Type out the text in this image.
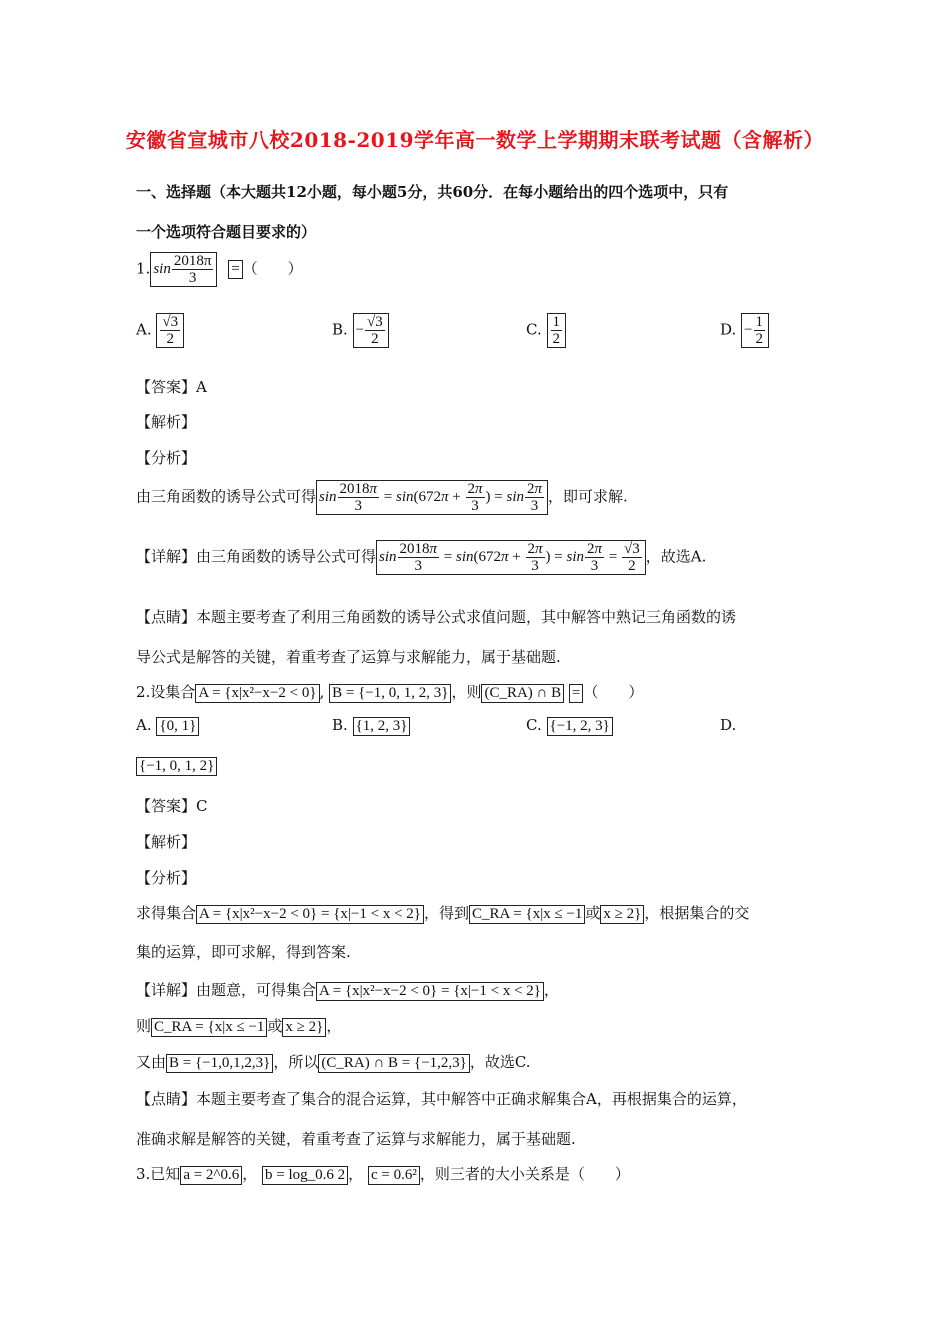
安徽省宣城市八校2018-2019学年高一数学上学期期末联考试题（含解析）
一、选择题（本大题共12小题，每小题5分，共60分．在每小题给出的四个选项中，只有
一个选项符合题目要求的）
1. $\sin \frac{2018\pi}{3}$ = （　　）
A. $\frac{√3}{2}$	B. − $\frac{√3}{2}$	C. $\frac{1}{2}$	D. − $\frac{1}{2}$
【答案】A
【解析】
【分析】
由三角函数的诱导公式可得 $\sin \frac{2018\pi}{3} = \sin(672\pi + \frac{2\pi}{3}$ ) = $\sin \frac{2\pi}{3}$ ，即可求解.
【详解】由三角函数的诱导公式可得 $\sin \frac{2018\pi}{3} = \sin(672\pi + \frac{2\pi}{3}$ ) = $\sin \frac{2\pi}{3} = \frac{√3}{2}$ ，故选A.
【点睛】本题主要考查了利用三角函数的诱导公式求值问题，其中解答中熟记三角函数的诱
导公式是解答的关键，着重考查了运算与求解能力，属于基础题.
2.设集合 A = {x|x²−x−2 < 0} , B = {−1, 0, 1, 2, 3} ，则 (C_RA) ∩ B = （　　）
A. {0, 1}	B. {1, 2, 3}	C. {−1, 2, 3}	D.
{−1, 0, 1, 2}
【答案】C
【解析】
【分析】
求得集合 A = {x|x²−x−2 < 0} = {x|−1 < x < 2} ，得到 C_RA = {x|x ≤ −1 或 x ≥ 2} ，根据集合的交
集的运算，即可求解，得到答案.
【详解】由题意，可得集合 A = {x|x²−x−2 < 0} = {x|−1 < x < 2} ，
则 C_RA = {x|x ≤ −1 或 x ≥ 2} ，
又由 B = {−1,0,1,2,3} ，所以 (C_RA) ∩ B = {−1,2,3} ，故选C.
【点睛】本题主要考查了集合的混合运算，其中解答中正确求解集合A，再根据集合的运算，
准确求解是解答的关键，着重考查了运算与求解能力，属于基础题.
3.已知 a = 2^0.6 ， b = log_0.6 2 ， c = 0.6² ，则三者的大小关系是（　　）
